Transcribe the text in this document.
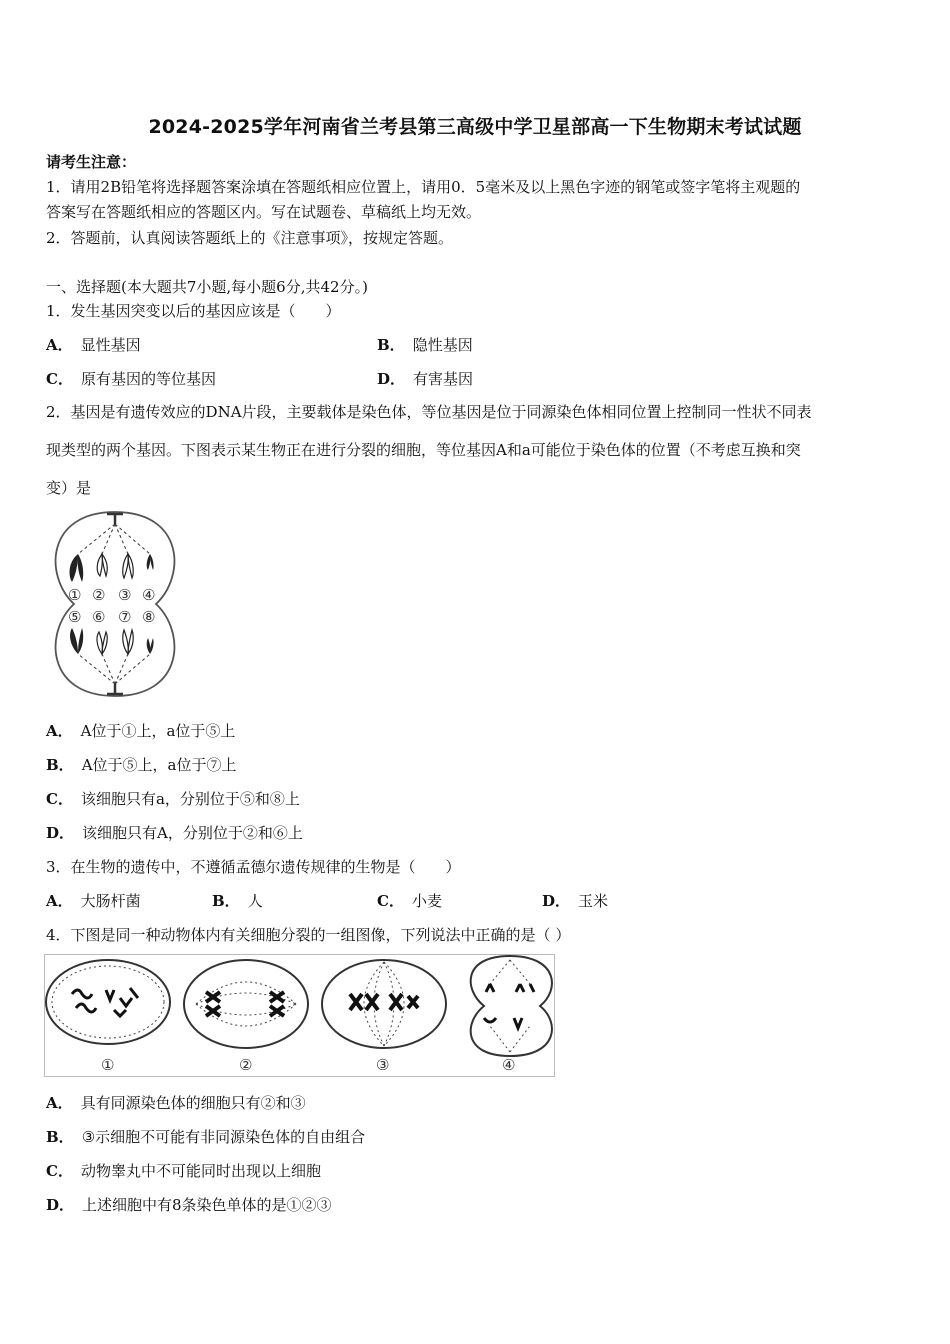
2024-2025学年河南省兰考县第三高级中学卫星部高一下生物期末考试试题
请考生注意：
1．请用2B铅笔将选择题答案涂填在答题纸相应位置上，请用0．5毫米及以上黑色字迹的钢笔或签字笔将主观题的
答案写在答题纸相应的答题区内。写在试题卷、草稿纸上均无效。
2．答题前，认真阅读答题纸上的《注意事项》，按规定答题。
一、选择题(本大题共7小题,每小题6分,共42分。)
1．发生基因突变以后的基因应该是（　　）
A． 显性基因	B． 隐性基因
C． 原有基因的等位基因	D． 有害基因
2．基因是有遗传效应的DNA片段，主要载体是染色体，等位基因是位于同源染色体相同位置上控制同一性状不同表
现类型的两个基因。下图表示某生物正在进行分裂的细胞，等位基因A和a可能位于染色体的位置（不考虑互换和突
变）是
① ② ③ ④
⑤ ⑥ ⑦ ⑧
A． A位于①上，a位于⑤上
B． A位于⑤上，a位于⑦上
C． 该细胞只有a，分别位于⑤和⑧上
D． 该细胞只有A，分别位于②和⑥上
3．在生物的遗传中，不遵循孟德尔遗传规律的生物是（　　）
A． 大肠杆菌	B． 人	C． 小麦	D． 玉米
4．下图是同一种动物体内有关细胞分裂的一组图像，下列说法中正确的是（ ）
①	②	③	④
A． 具有同源染色体的细胞只有②和③
B． ③示细胞不可能有非同源染色体的自由组合
C． 动物睾丸中不可能同时出现以上细胞
D． 上述细胞中有8条染色单体的是①②③
